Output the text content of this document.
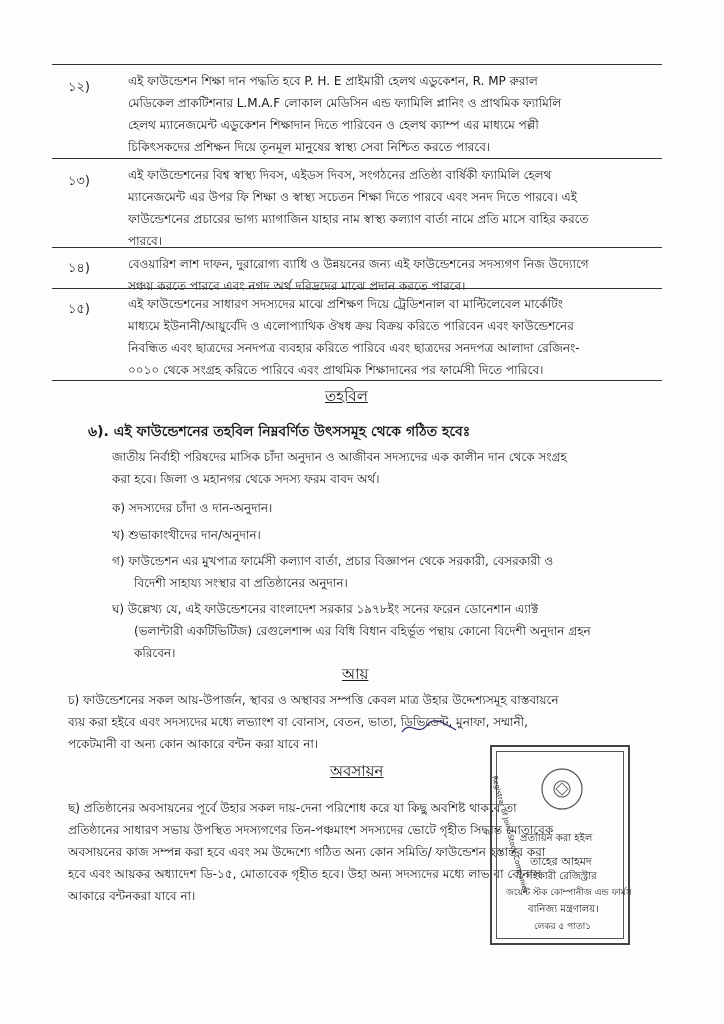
১২)	এই ফাউন্ডেশন শিক্ষা দান পদ্ধতি হবে P. H. E প্রাইমারী হেলথ এডুকেশন, R. MP রুরাল
মেডিকেল প্রাকটিশনার L.M.A.F লোকাল মেডিসিন এন্ড ফ্যামিলি প্লানিং ও প্রাথমিক ফ্যামিলি
হেলথ ম্যানেজমেন্ট এডুকেশন শিক্ষাদান দিতে পারিবেন ও হেলথ ক্যাম্প এর মাধ্যমে পল্লী
চিকিৎসকদের প্রশিক্ষন দিয়ে তৃনমূল মানুষের স্বাস্থ্য সেবা নিশ্চিত করতে পারবে।
১৩)	এই ফাউন্ডেশনের বিশ্ব স্বাস্থ্য দিবস, এইডস দিবস, সংগঠনের প্রতিষ্ঠা বার্ষিকী ফ্যামিলি হেলথ
ম্যানেজমেন্ট এর উপর ফি শিক্ষা ও স্বাস্থ্য সচেতন শিক্ষা দিতে পারবে এবং সনদ দিতে পারবে। এই
ফাউন্ডেশনের প্রচারের ভাগ্য ম্যাগাজিন যাহার নাম স্বাস্থ্য কল্যাণ বার্তা নামে প্রতি মাসে বাহির করতে
পারবে।
১৪)	বেওয়ারিশ লাশ দাফন, দুরারোগ্য ব্যাধি ও উন্নয়নের জন্য এই ফাউন্ডেশনের সদস্যগণ নিজ উদ্যোগে
সঞ্চয় করতে পারবে এবং নগদ অর্থ দরিদ্রদের মাঝে প্রদান করতে পারবে।
১৫)	এই ফাউন্ডেশনের সাধারণ সদস্যদের মাঝে প্রশিক্ষণ দিয়ে ট্রেডিশনাল বা মাল্টিলেবেল মার্কেটিং
মাধ্যমে ইউনানী/আয়ুর্বেদি ও এলোপ্যাথিক ঔষধ ক্রয় বিক্রয় করিতে পারিবেন এবং ফাউন্ডেশনের
নিবন্ধিত এবং ছাত্রদের সনদপত্র ব্যবহার করিতে পারিবে এবং ছাত্রদের সনদপত্র আলাদা রেজিনং-
০০১০ থেকে সংগ্রহ করিতে পারিবে এবং প্রাথমিক শিক্ষাদানের পর ফার্মেসী দিতে পারিবে।
তহবিল
৬). এই ফাউন্ডেশনের তহবিল নিম্নবর্ণিত উৎসসমূহ থেকে গঠিত হবেঃ
জাতীয় নির্বাহী পরিষদের মাসিক চাঁদা অনুদান ও আজীবন সদস্যদের এক কালীন দান থেকে সংগ্রহ
করা হবে। জিলা ও মহানগর থেকে সদস্য ফরম বাবদ অর্থ।
ক) সদস্যদের চাঁদা ও দান-অনুদান।
খ) শুভাকাংখীদের দান/অনুদান।
গ) ফাউন্ডেশন এর মুখপাত্র ফার্মেসী কল্যাণ বার্তা, প্রচার বিজ্ঞাপন থেকে সরকারী, বেসরকারী ও
বিদেশী সাহায্য সংস্থার বা প্রতিষ্ঠানের অনুদান।
ঘ) উল্লেখ্য যে, এই ফাউন্ডেশনের বাংলাদেশ সরকার ১৯৭৮ইং সনের ফরেন ডোনেশান এ্যাক্ট
(ভলান্টারী একটিভিটিজ) রেগুলেশান্স এর বিধি বিধান বহির্ভূত পন্থায় কোনো বিদেশী অনুদান গ্রহন
করিবেন।
আয়
চ) ফাউন্ডেশনের সকল আয়-উপার্জন, স্থাবর ও অস্থাবর সম্পত্তি কেবল মাত্র উহার উদ্দেশ্যসমূহ বাস্তবায়নে
ব্যয় করা হইবে এবং সদস্যদের মধ্যে লভ্যাংশ বা বোনাস, বেতন, ভাতা, ডিভিডেন্ট, মুনাফা, সম্মানী,
পকেটমানী বা অন্য কোন আকারে বন্টন করা যাবে না।
অবসায়ন
ছ) প্রতিষ্ঠানের অবসায়নের পূর্বে উহার সকল দায়-দেনা পরিশোধ করে যা কিছু অবশিষ্ট থাকবে তা
প্রতিষ্ঠানের সাধারণ সভায় উপস্থিত সদস্যগণের তিন-পঞ্চমাংশ সদস্যদের ভোটে গৃহীত সিদ্ধান্ত মোতাবেক
অবসায়নের কাজ সম্পন্ন করা হবে এবং সম উদ্দেশ্যে গঠিত অন্য কোন সমিতি/ ফাউন্ডেশন হস্তান্তর করা
হবে এবং আয়কর অধ্যাদেশ ডি-১৫, মোতাবেক গৃহীত হবে। উহা অন্য সদস্যদের মধ্যে লাভ বা বোনাস
আকারে বন্টনকরা যাবে না।
Registrar of Joint Stock Companies
প্রত্যায়ন করা হইল
তাহের আহমদ
সহকারী রেজিস্ট্রার
জয়েন্ট স্টক কোম্পানীজ এন্ড ফার্মস
বানিজ্য মন্ত্রণালয়।
লেকর ৫ পাতা১
